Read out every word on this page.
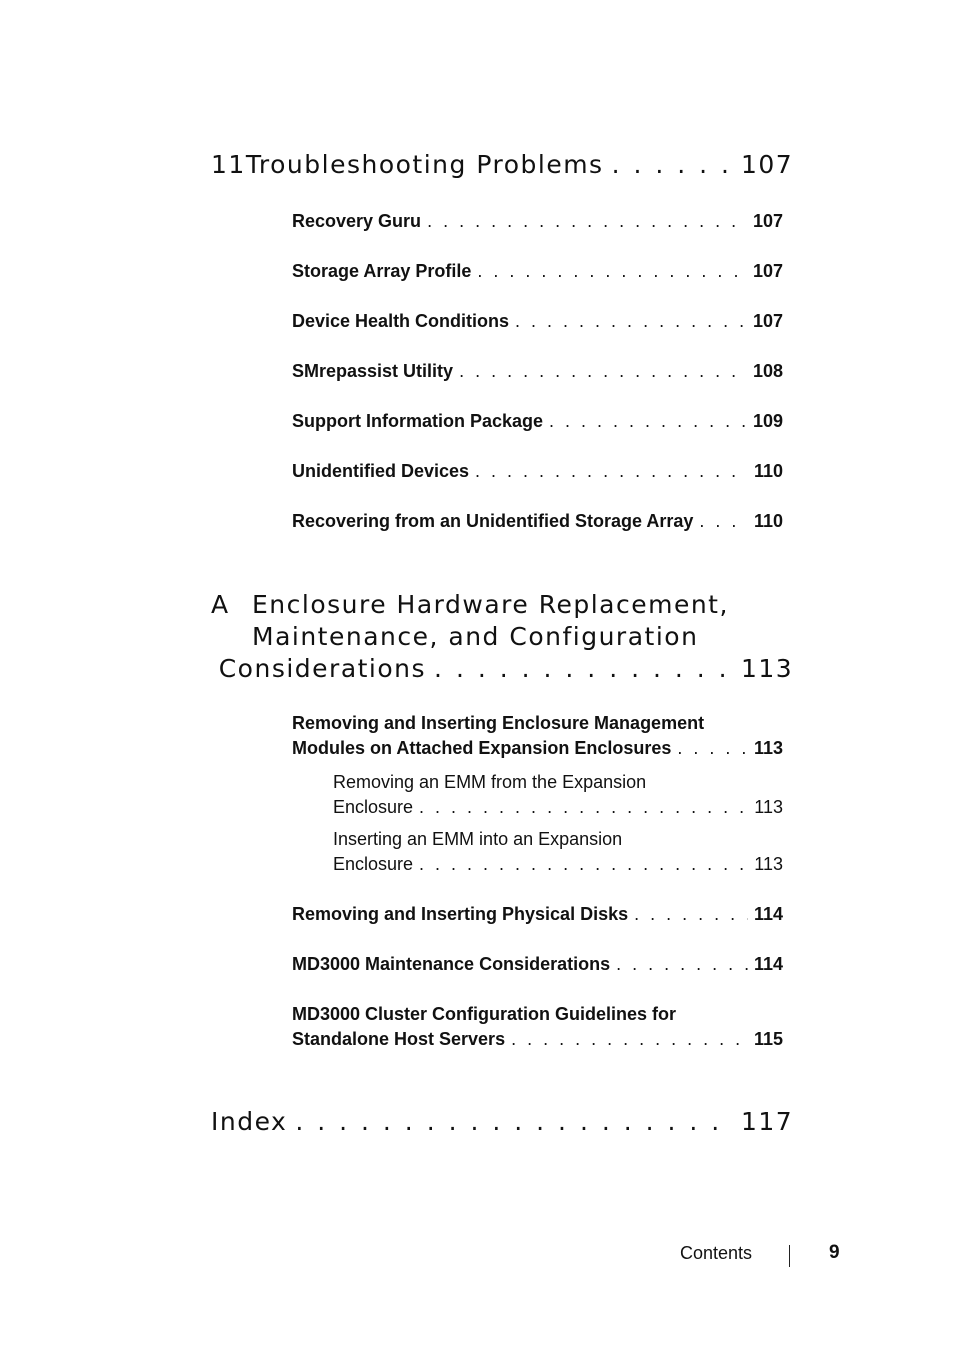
11 Troubleshooting Problems . . .	107
Recovery Guru . . .	107
Storage Array Profile . . .	107
Device Health Conditions . . .	107
SMrepassist Utility . . .	108
Support Information Package . . .	109
Unidentified Devices . . .	110
Recovering from an Unidentified Storage Array . . .	110
A Enclosure Hardware Replacement,
Maintenance, and Configuration
Considerations . . .	113
Removing and Inserting Enclosure Management
Modules on Attached Expansion Enclosures . . .	113
Removing an EMM from the Expansion
Enclosure . . .	113
Inserting an EMM into an Expansion
Enclosure . . .	113
Removing and Inserting Physical Disks . . .	114
MD3000 Maintenance Considerations . . .	114
MD3000 Cluster Configuration Guidelines for
Standalone Host Servers . . .	115
Index . . .	117
Contents	9
